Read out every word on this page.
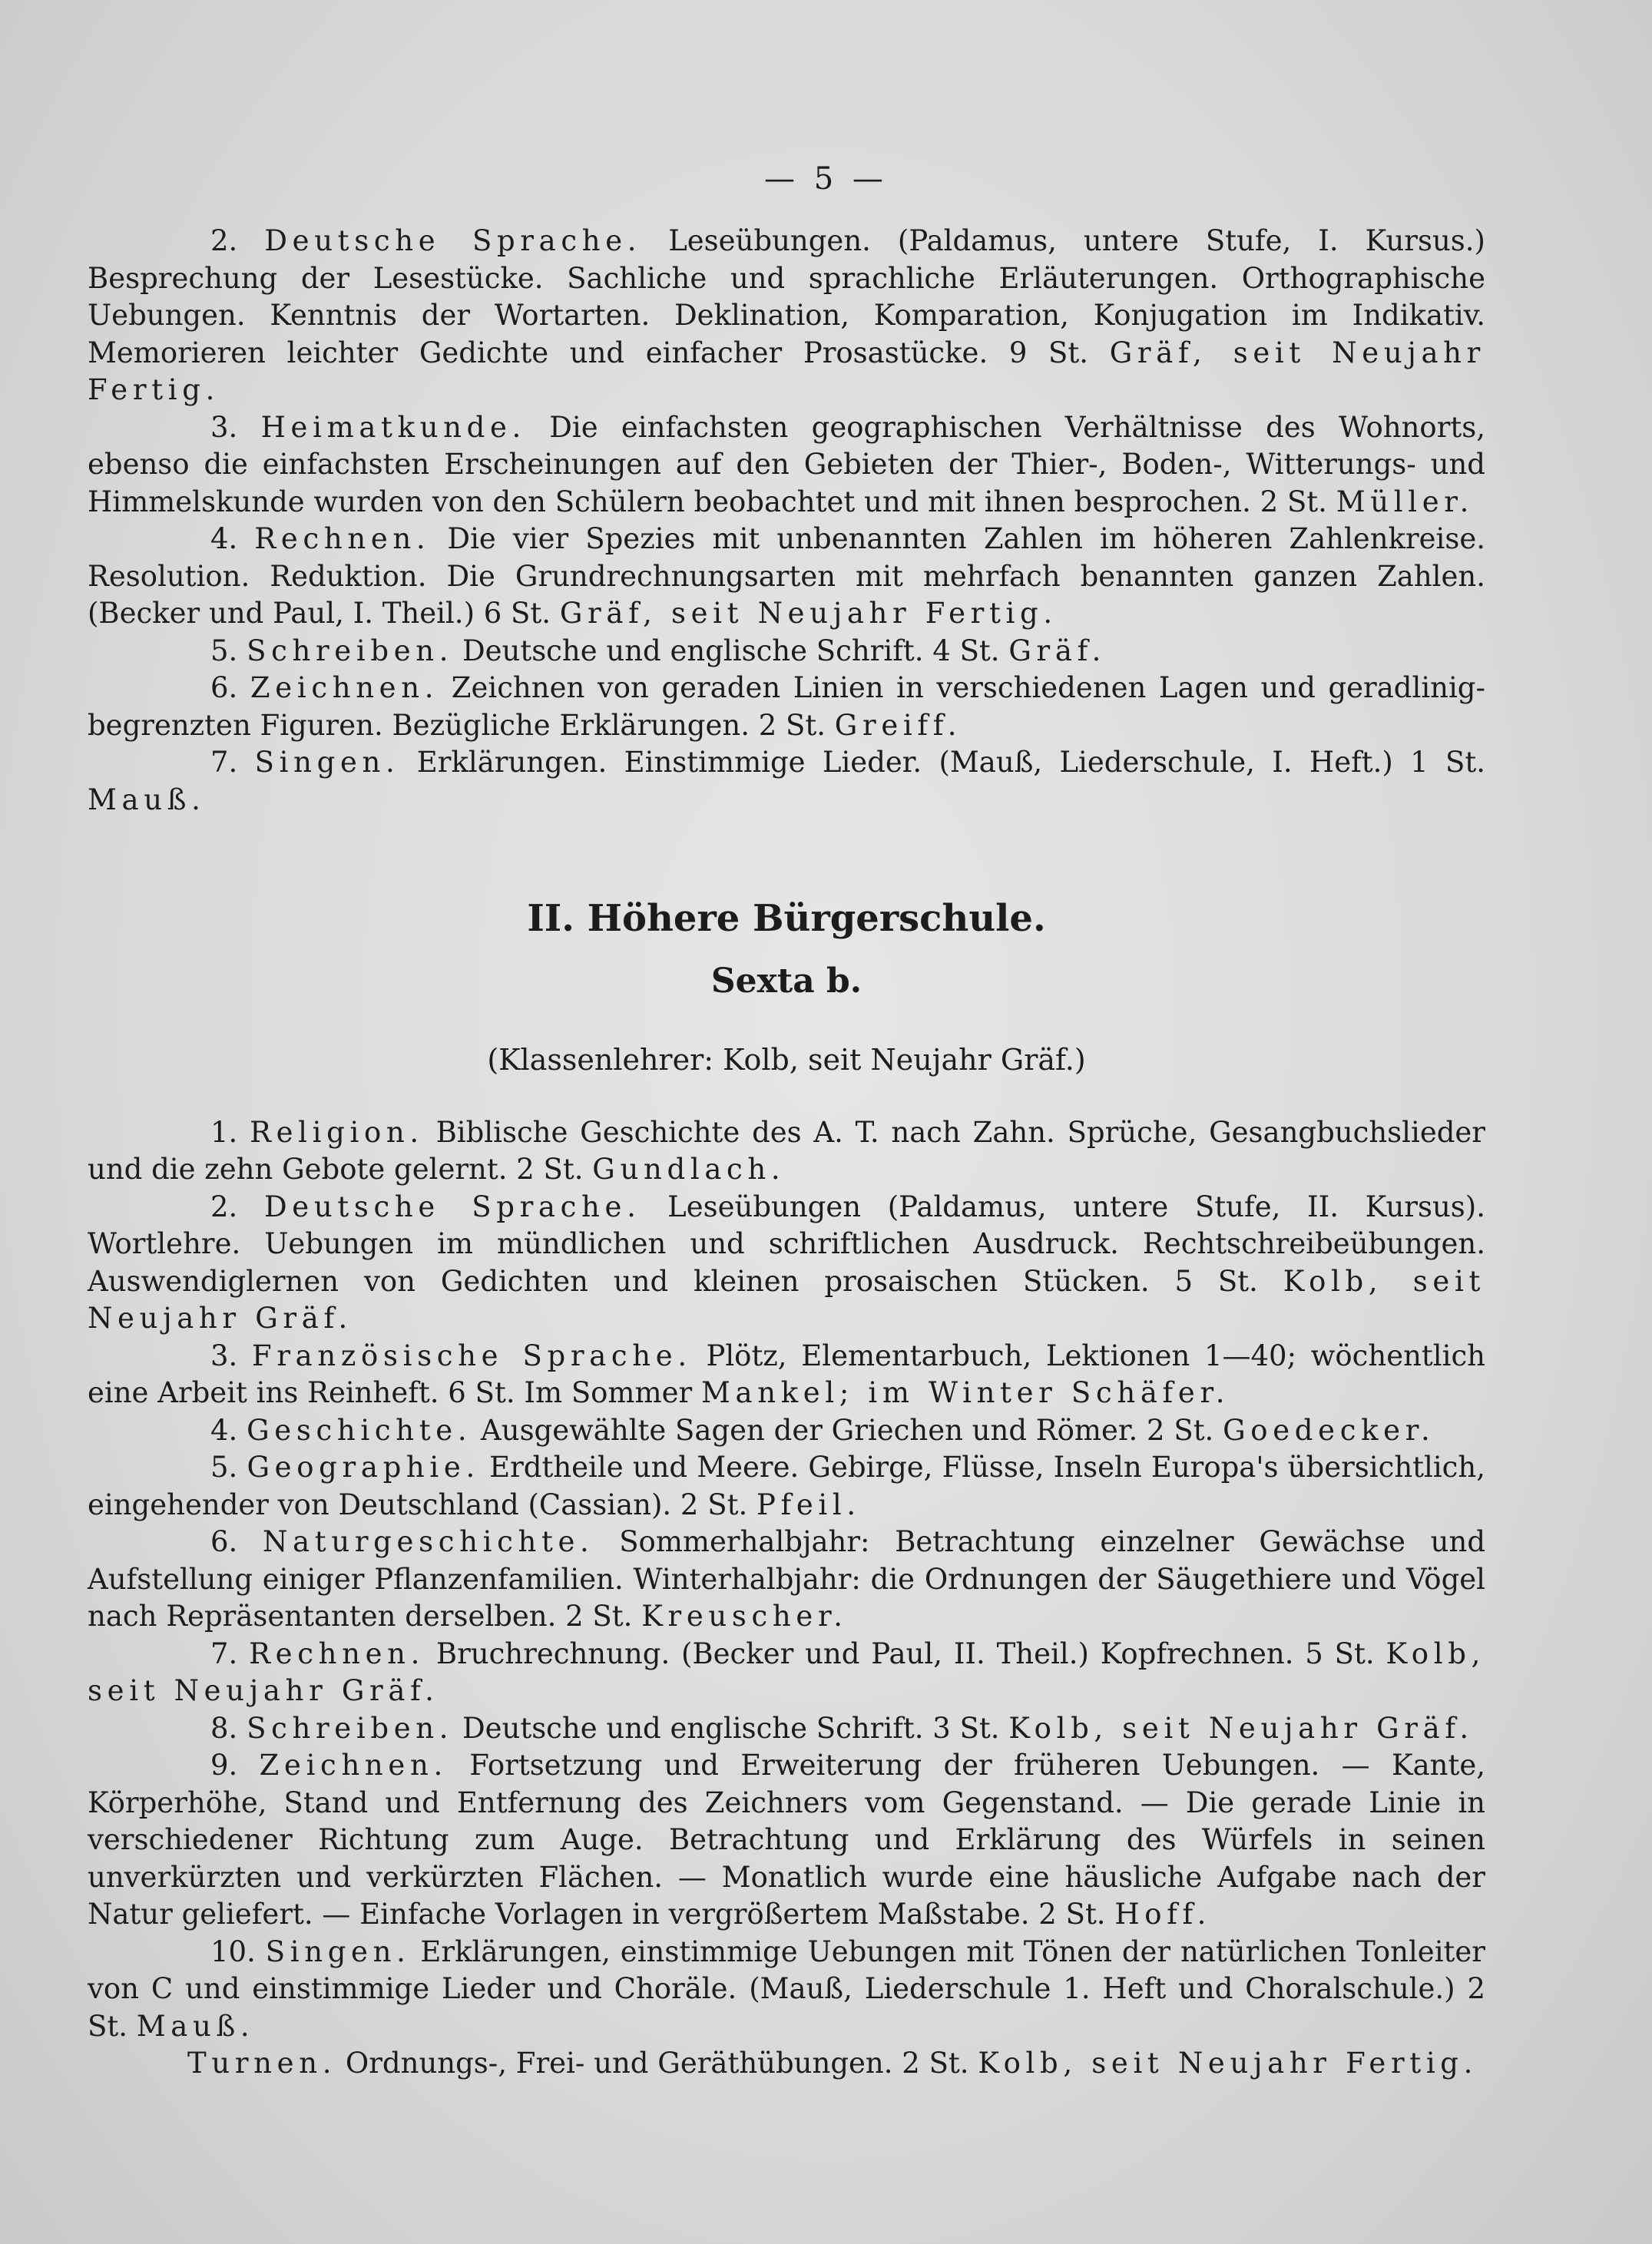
— 5 —

2. Deutsche Sprache. Leseübungen. (Paldamus, untere Stufe, I. Kursus.) Besprechung der Lesestücke. Sachliche und sprachliche Erläuterungen. Orthographische Uebungen. Kenntnis der Wortarten. Deklination, Komparation, Konjugation im Indikativ. Memorieren leichter Gedichte und einfacher Prosastücke. 9 St. Gräf, seit Neujahr Fertig.

3. Heimatkunde. Die einfachsten geographischen Verhältnisse des Wohnorts, ebenso die einfachsten Erscheinungen auf den Gebieten der Thier-, Boden-, Witterungs- und Himmelskunde wurden von den Schülern beobachtet und mit ihnen besprochen. 2 St. Müller.

4. Rechnen. Die vier Spezies mit unbenannten Zahlen im höheren Zahlenkreise. Resolution. Reduktion. Die Grundrechnungsarten mit mehrfach benannten ganzen Zahlen. (Becker und Paul, I. Theil.) 6 St. Gräf, seit Neujahr Fertig.

5. Schreiben. Deutsche und englische Schrift. 4 St. Gräf.

6. Zeichnen. Zeichnen von geraden Linien in verschiedenen Lagen und geradlinig-begrenzten Figuren. Bezügliche Erklärungen. 2 St. Greiff.

7. Singen. Erklärungen. Einstimmige Lieder. (Mauß, Liederschule, I. Heft.) 1 St. Mauß.

II. Höhere Bürgerschule.
Sexta b.
(Klassenlehrer: Kolb, seit Neujahr Gräf.)

1. Religion. Biblische Geschichte des A. T. nach Zahn. Sprüche, Gesangbuchslieder und die zehn Gebote gelernt. 2 St. Gundlach.

2. Deutsche Sprache. Leseübungen (Paldamus, untere Stufe, II. Kursus). Wortlehre. Uebungen im mündlichen und schriftlichen Ausdruck. Rechtschreibeübungen. Auswendiglernen von Gedichten und kleinen prosaischen Stücken. 5 St. Kolb, seit Neujahr Gräf.

3. Französische Sprache. Plötz, Elementarbuch, Lektionen 1—40; wöchentlich eine Arbeit ins Reinheft. 6 St. Im Sommer Mankel; im Winter Schäfer.

4. Geschichte. Ausgewählte Sagen der Griechen und Römer. 2 St. Goedecker.

5. Geographie. Erdtheile und Meere. Gebirge, Flüsse, Inseln Europa's übersichtlich, eingehender von Deutschland (Cassian). 2 St. Pfeil.

6. Naturgeschichte. Sommerhalbjahr: Betrachtung einzelner Gewächse und Aufstellung einiger Pflanzenfamilien. Winterhalbjahr: die Ordnungen der Säugethiere und Vögel nach Repräsentanten derselben. 2 St. Kreuscher.

7. Rechnen. Bruchrechnung. (Becker und Paul, II. Theil.) Kopfrechnen. 5 St. Kolb, seit Neujahr Gräf.

8. Schreiben. Deutsche und englische Schrift. 3 St. Kolb, seit Neujahr Gräf.

9. Zeichnen. Fortsetzung und Erweiterung der früheren Uebungen. — Kante, Körperhöhe, Stand und Entfernung des Zeichners vom Gegenstand. — Die gerade Linie in verschiedener Richtung zum Auge. Betrachtung und Erklärung des Würfels in seinen unverkürzten und verkürzten Flächen. — Monatlich wurde eine häusliche Aufgabe nach der Natur geliefert. — Einfache Vorlagen in vergrößertem Maßstabe. 2 St. Hoff.

10. Singen. Erklärungen, einstimmige Uebungen mit Tönen der natürlichen Tonleiter von C und einstimmige Lieder und Choräle. (Mauß, Liederschule 1. Heft und Choralschule.) 2 St. Mauß.

Turnen. Ordnungs-, Frei- und Geräthübungen. 2 St. Kolb, seit Neujahr Fertig.
